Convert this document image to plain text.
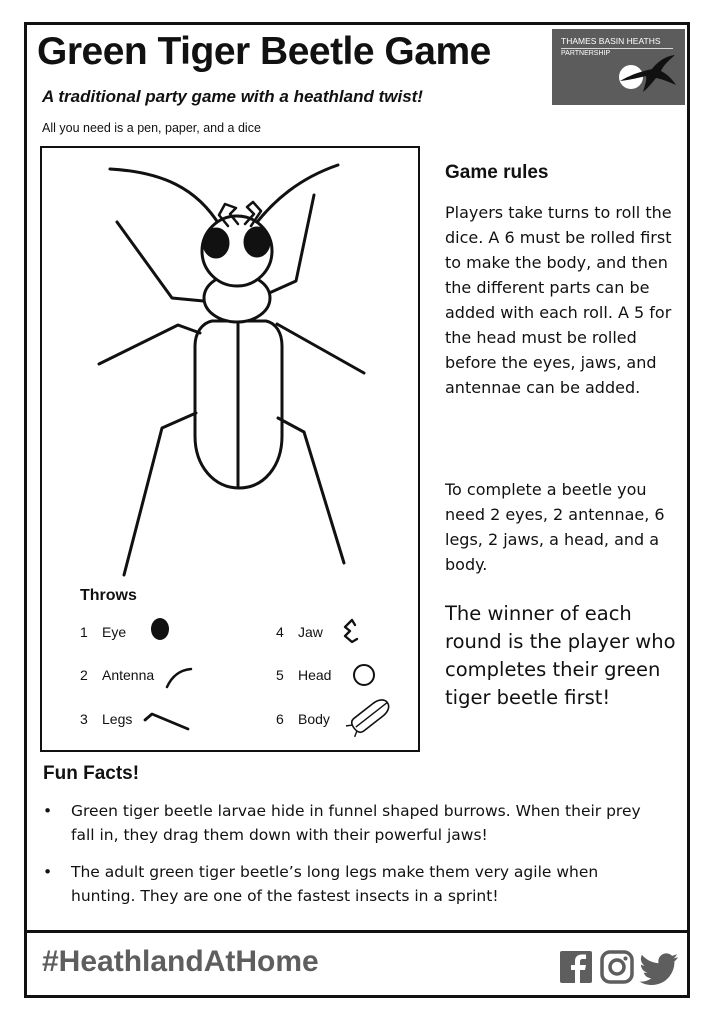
Green Tiger Beetle Game
A traditional party game with a heathland twist!
All you need is a pen, paper, and a dice
THAMES BASIN HEATHS
PARTNERSHIP
Throws
1 Eye
2 Antenna
3 Legs
4 Jaw
5 Head
6 Body
Game rules
Players take turns to roll the dice. A 6 must be rolled first to make the body, and then the different parts can be added with each roll. A 5 for the head must be rolled before the eyes, jaws, and antennae can be added.
To complete a beetle you need 2 eyes, 2 antennae, 6 legs, 2 jaws, a head, and a body.
The winner of each round is the player who completes their green tiger beetle first!
Fun Facts!
• Green tiger beetle larvae hide in funnel shaped burrows. When their prey fall in, they drag them down with their powerful jaws!
• The adult green tiger beetle’s long legs make them very agile when hunting. They are one of the fastest insects in a sprint!
#HeathlandAtHome
